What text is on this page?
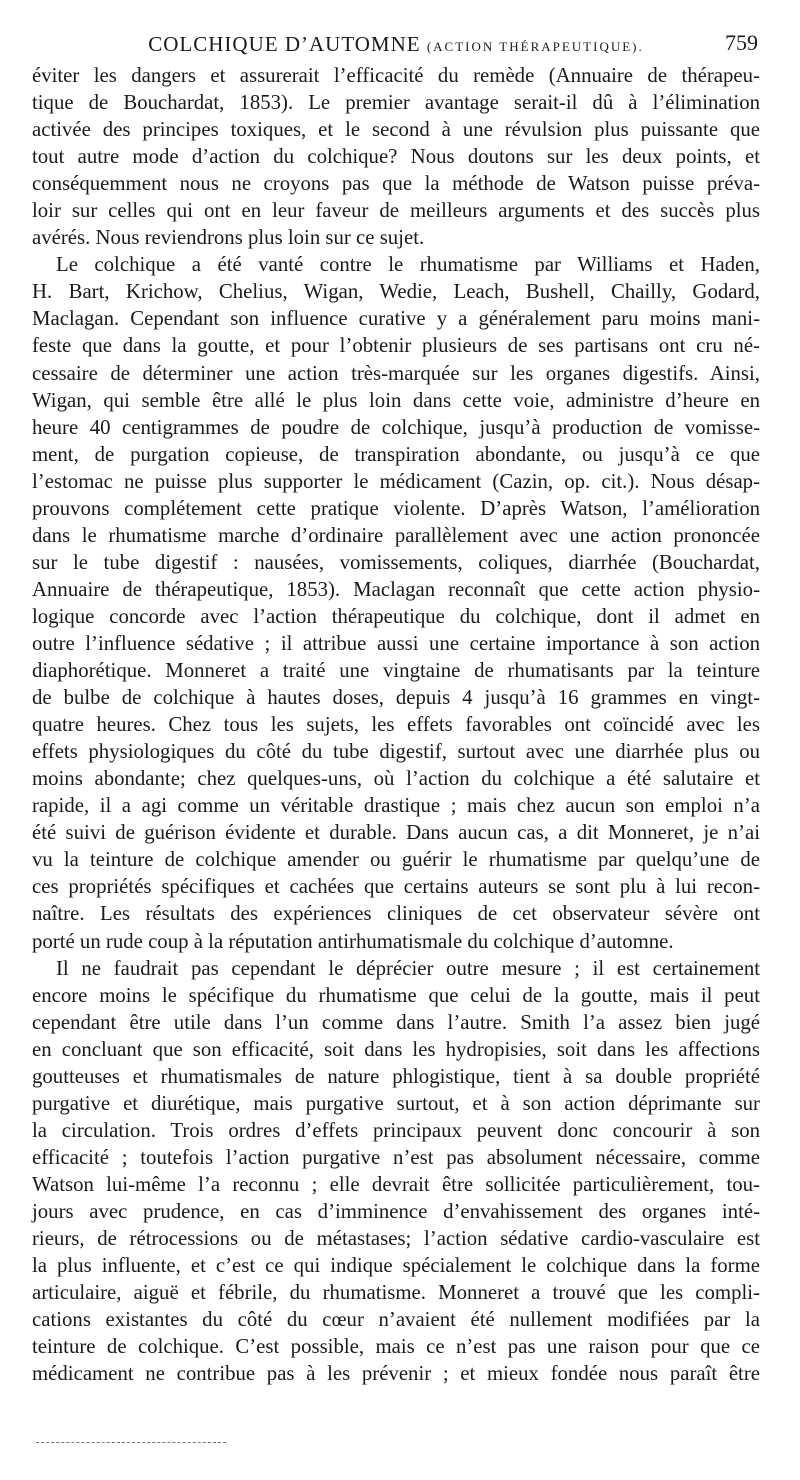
COLCHIQUE D’AUTOMNE (ACTION THÉRAPEUTIQUE).	759
éviter les dangers et assurerait l’efficacité du remède (Annuaire de thérapeu-
tique de Bouchardat, 1853). Le premier avantage serait-il dû à l’élimination
activée des principes toxiques, et le second à une révulsion plus puissante que
tout autre mode d’action du colchique? Nous doutons sur les deux points, et
conséquemment nous ne croyons pas que la méthode de Watson puisse préva-
loir sur celles qui ont en leur faveur de meilleurs arguments et des succès plus
avérés. Nous reviendrons plus loin sur ce sujet.
Le colchique a été vanté contre le rhumatisme par Williams et Haden,
H. Bart, Krichow, Chelius, Wigan, Wedie, Leach, Bushell, Chailly, Godard,
Maclagan. Cependant son influence curative y a généralement paru moins mani-
feste que dans la goutte, et pour l’obtenir plusieurs de ses partisans ont cru né-
cessaire de déterminer une action très-marquée sur les organes digestifs. Ainsi,
Wigan, qui semble être allé le plus loin dans cette voie, administre d’heure en
heure 40 centigrammes de poudre de colchique, jusqu’à production de vomisse-
ment, de purgation copieuse, de transpiration abondante, ou jusqu’à ce que
l’estomac ne puisse plus supporter le médicament (Cazin, op. cit.). Nous désap-
prouvons complétement cette pratique violente. D’après Watson, l’amélioration
dans le rhumatisme marche d’ordinaire parallèlement avec une action prononcée
sur le tube digestif : nausées, vomissements, coliques, diarrhée (Bouchardat,
Annuaire de thérapeutique, 1853). Maclagan reconnaît que cette action physio-
logique concorde avec l’action thérapeutique du colchique, dont il admet en
outre l’influence sédative ; il attribue aussi une certaine importance à son action
diaphorétique. Monneret a traité une vingtaine de rhumatisants par la teinture
de bulbe de colchique à hautes doses, depuis 4 jusqu’à 16 grammes en vingt-
quatre heures. Chez tous les sujets, les effets favorables ont coïncidé avec les
effets physiologiques du côté du tube digestif, surtout avec une diarrhée plus ou
moins abondante; chez quelques-uns, où l’action du colchique a été salutaire et
rapide, il a agi comme un véritable drastique ; mais chez aucun son emploi n’a
été suivi de guérison évidente et durable. Dans aucun cas, a dit Monneret, je n’ai
vu la teinture de colchique amender ou guérir le rhumatisme par quelqu’une de
ces propriétés spécifiques et cachées que certains auteurs se sont plu à lui recon-
naître. Les résultats des expériences cliniques de cet observateur sévère ont
porté un rude coup à la réputation antirhumatismale du colchique d’automne.
Il ne faudrait pas cependant le déprécier outre mesure ; il est certainement
encore moins le spécifique du rhumatisme que celui de la goutte, mais il peut
cependant être utile dans l’un comme dans l’autre. Smith l’a assez bien jugé
en concluant que son efficacité, soit dans les hydropisies, soit dans les affections
goutteuses et rhumatismales de nature phlogistique, tient à sa double propriété
purgative et diurétique, mais purgative surtout, et à son action déprimante sur
la circulation. Trois ordres d’effets principaux peuvent donc concourir à son
efficacité ; toutefois l’action purgative n’est pas absolument nécessaire, comme
Watson lui-même l’a reconnu ; elle devrait être sollicitée particulièrement, tou-
jours avec prudence, en cas d’imminence d’envahissement des organes inté-
rieurs, de rétrocessions ou de métastases; l’action sédative cardio-vasculaire est
la plus influente, et c’est ce qui indique spécialement le colchique dans la forme
articulaire, aiguë et fébrile, du rhumatisme. Monneret a trouvé que les compli-
cations existantes du côté du cœur n’avaient été nullement modifiées par la
teinture de colchique. C’est possible, mais ce n’est pas une raison pour que ce
médicament ne contribue pas à les prévenir ; et mieux fondée nous paraît être
